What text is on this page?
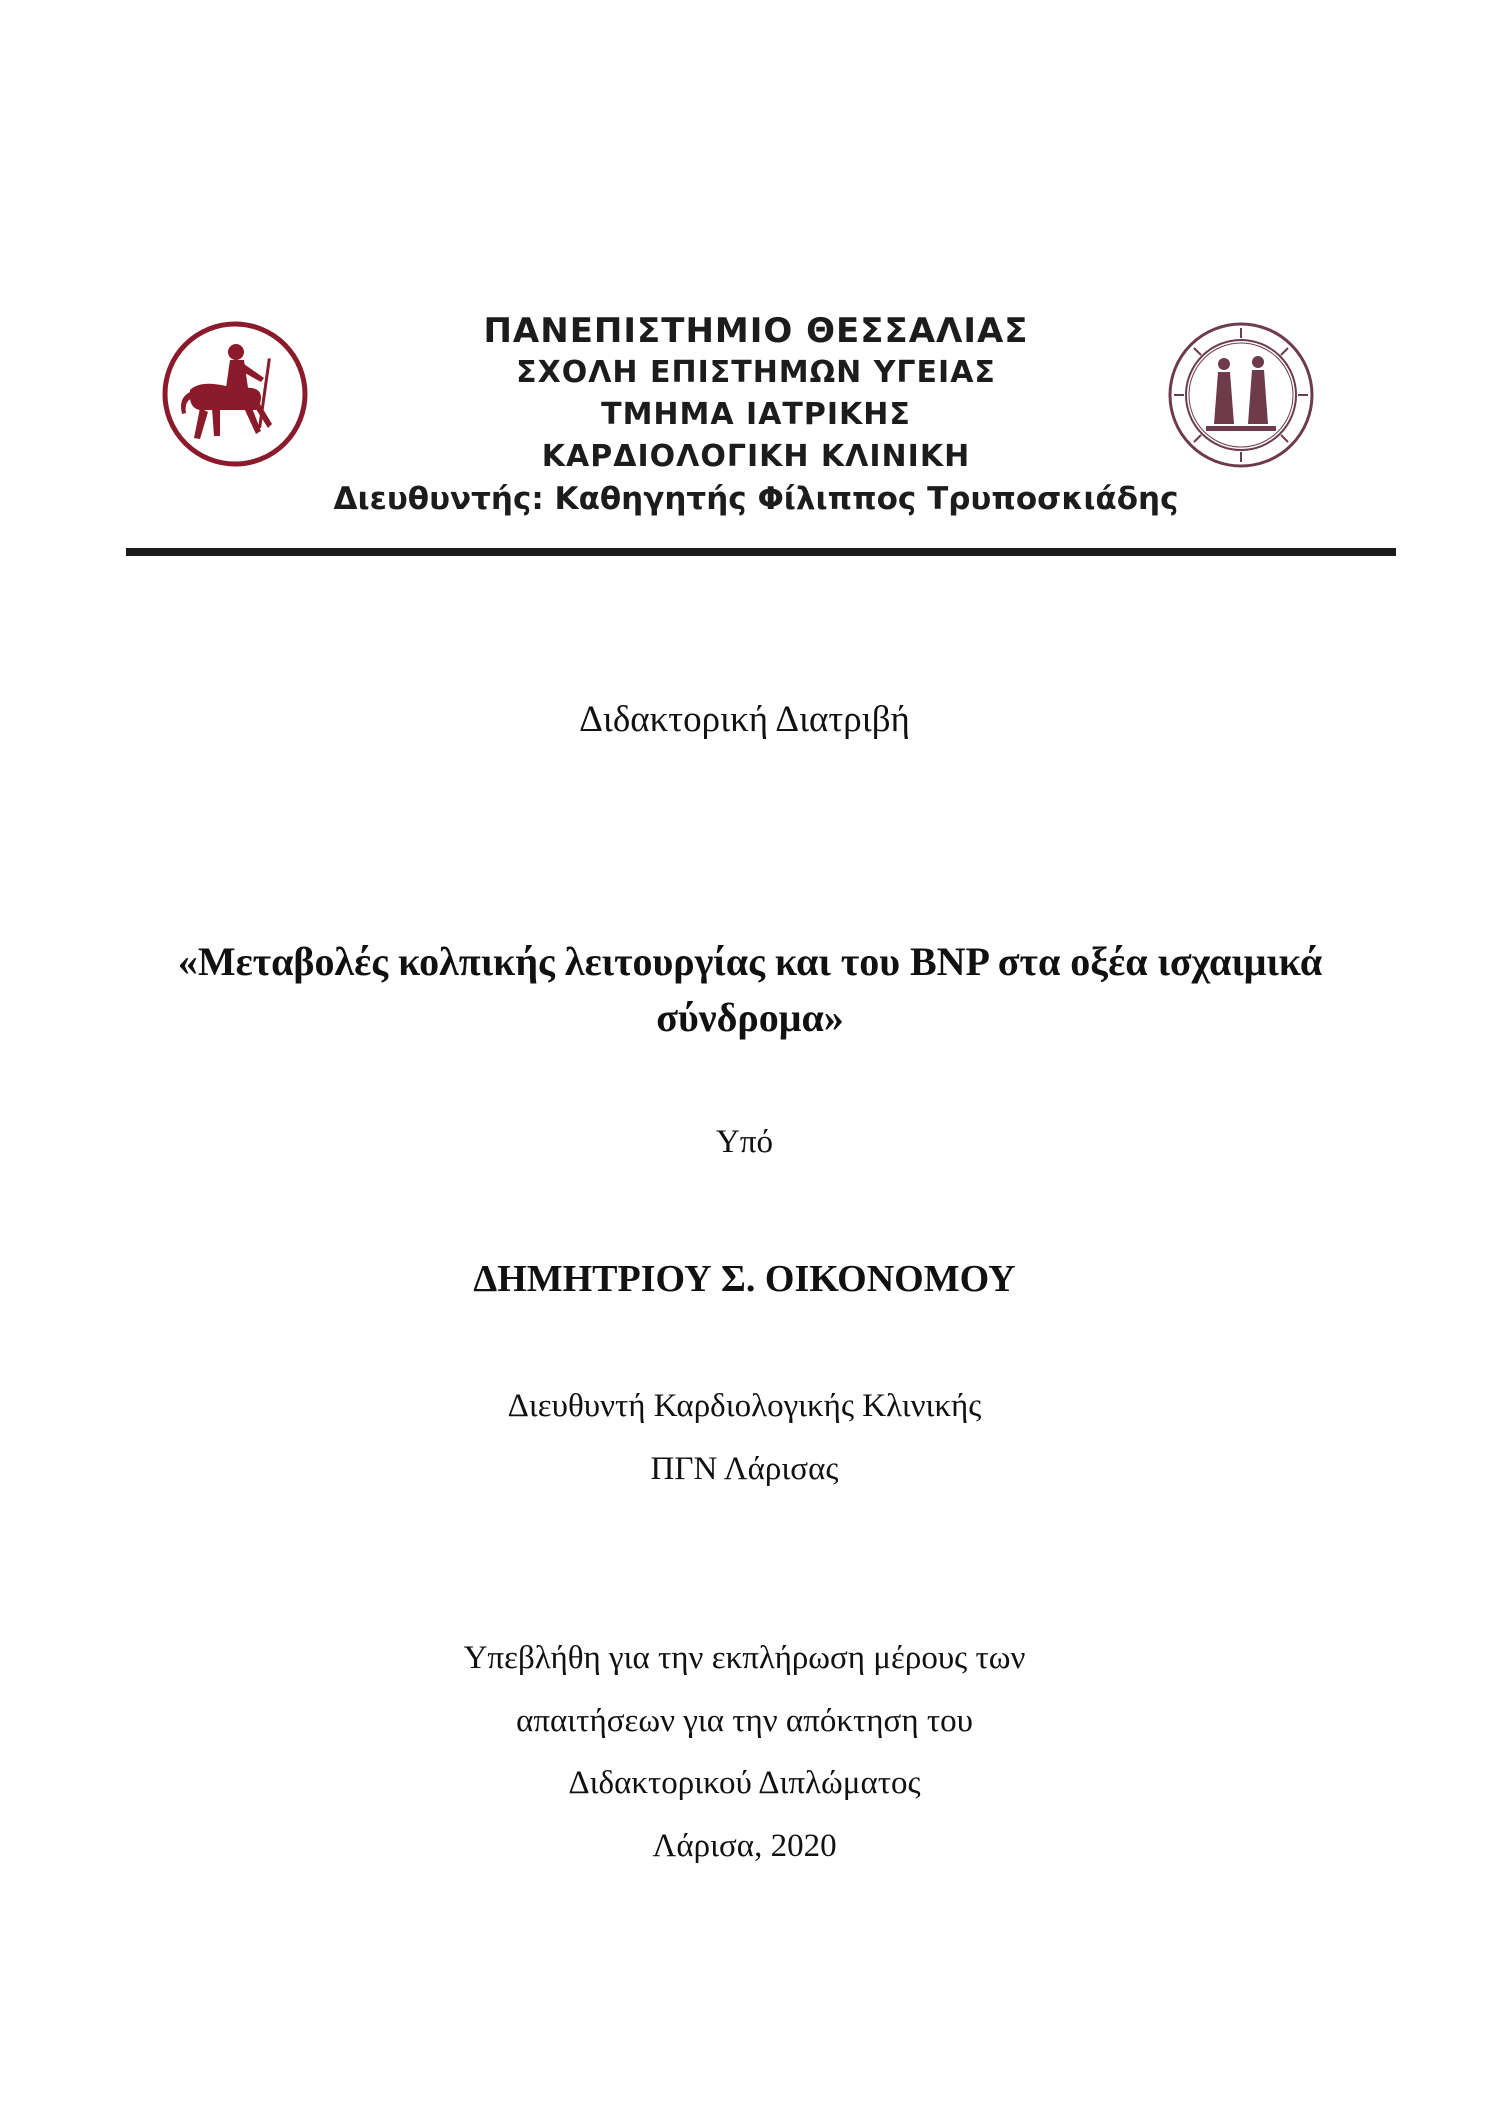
ΠΑΝΕΠΙΣΤΗΜΙΟ ΘΕΣΣΑΛΙΑΣ
ΣΧΟΛΗ ΕΠΙΣΤΗΜΩΝ ΥΓΕΙΑΣ
ΤΜΗΜΑ ΙΑΤΡΙΚΗΣ
ΚΑΡΔΙΟΛΟΓΙΚΗ ΚΛΙΝΙΚΗ
Διευθυντής: Καθηγητής Φίλιππος Τρυποσκιάδης
Διδακτορική Διατριβή
«Μεταβολές κολπικής λειτουργίας και του BNP στα οξέα ισχαιμικά σύνδρομα»
Υπό
ΔΗΜΗΤΡΙΟΥ Σ. ΟΙΚΟΝΟΜΟΥ
Διευθυντή Καρδιολογικής Κλινικής
ΠΓΝ Λάρισας
Υπεβλήθη για την εκπλήρωση μέρους των
απαιτήσεων για την απόκτηση του
Διδακτορικού Διπλώματος
Λάρισα, 2020
